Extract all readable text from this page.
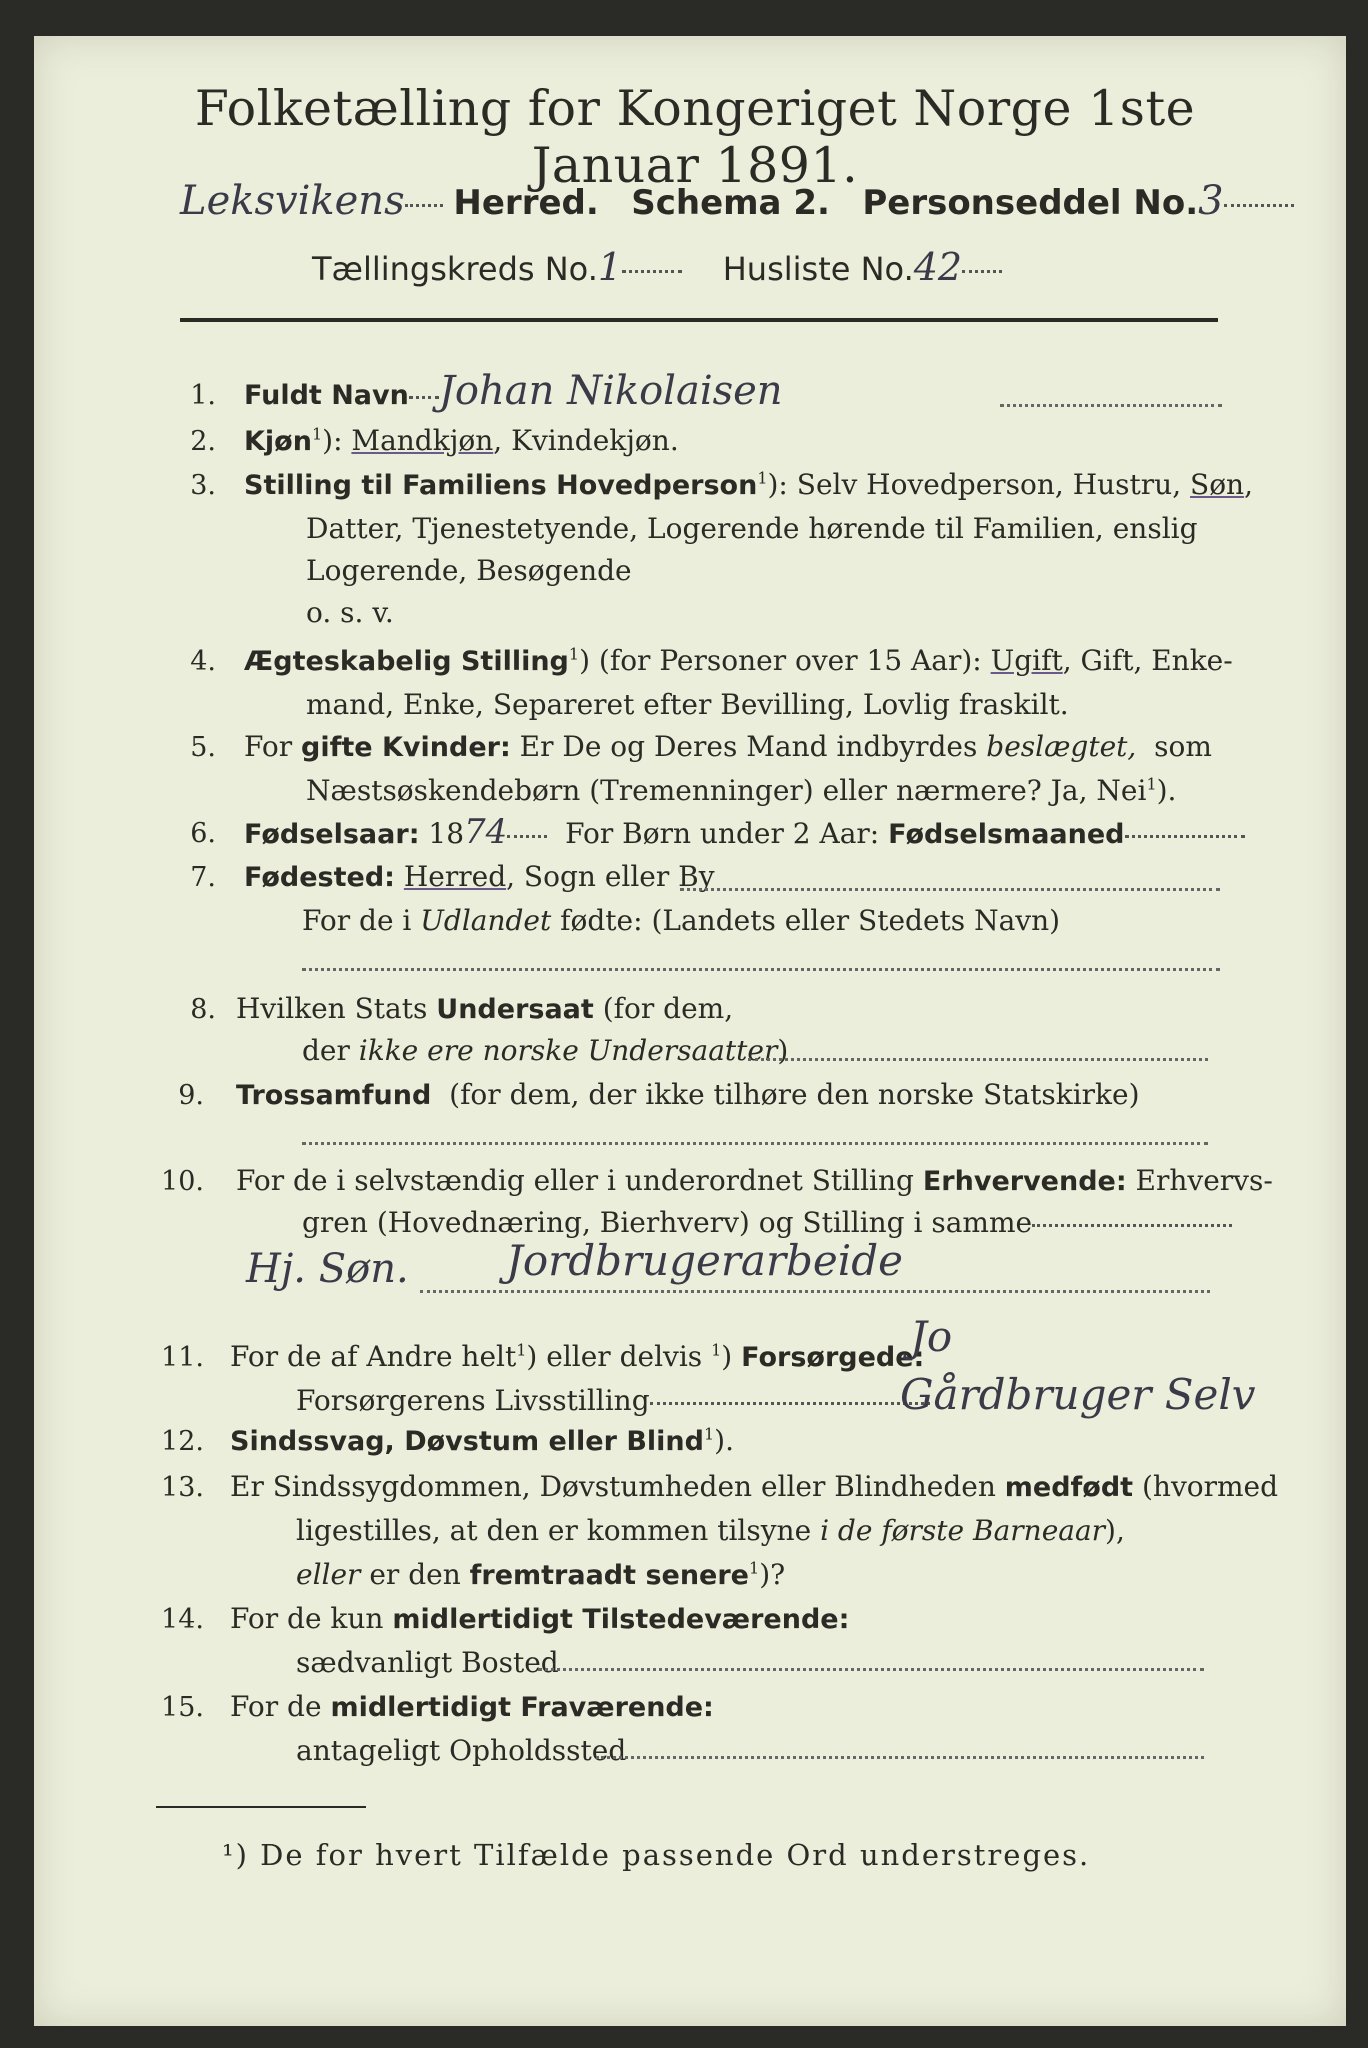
Folketælling for Kongeriget Norge 1ste Januar 1891.
Leksvikens Herred. Schema 2. Personseddel No.3
Tællingskreds No.1	Husliste No.42
1. Fuldt Navn Johan Nikolaisen
2. Kjøn$^1$): Mandkjøn, Kvindekjøn.
3. Stilling til Familiens Hovedperson$^1$): Selv Hovedperson, Hustru, Søn,
Datter, Tjenestetyende, Logerende hørende til Familien, enslig
Logerende, Besøgende
o. s. v.
4. Ægteskabelig Stilling$^1$) (for Personer over 15 Aar): Ugift, Gift, Enke-
mand, Enke, Separeret efter Bevilling, Lovlig fraskilt.
5. For gifte Kvinder: Er De og Deres Mand indbyrdes beslægtet, som
Næstsøskendebørn (Tremenninger) eller nærmere? Ja, Nei$^1$).
6. Fødselsaar: 1874 For Børn under 2 Aar: Fødselsmaaned
7. Fødested: Herred, Sogn eller By
For de i Udlandet fødte: (Landets eller Stedets Navn)
8. Hvilken Stats Undersaat (for dem,
der ikke ere norske Undersaatter)
9. Trossamfund (for dem, der ikke tilhøre den norske Statskirke)
10. For de i selvstændig eller i underordnet Stilling Erhvervende: Erhvervs-
gren (Hovednæring, Bierhverv) og Stilling i samme
Hj. Søn. Jordbrugerarbeide
11. For de af Andre helt$^1$) eller delvis $^1$) Forsørgede:
Jo
Forsørgerens Livsstilling	Gårdbruger Selv
12. Sindssvag, Døvstum eller Blind$^1$).
13. Er Sindssygdommen, Døvstumheden eller Blindheden medfødt (hvormed
ligestilles, at den er kommen tilsyne i de første Barneaar),
eller er den fremtraadt senere$^1$)?
14. For de kun midlertidigt Tilstedeværende:
sædvanligt Bosted
15. For de midlertidigt Fraværende:
antageligt Opholdssted
¹) De for hvert Tilfælde passende Ord understreges.
